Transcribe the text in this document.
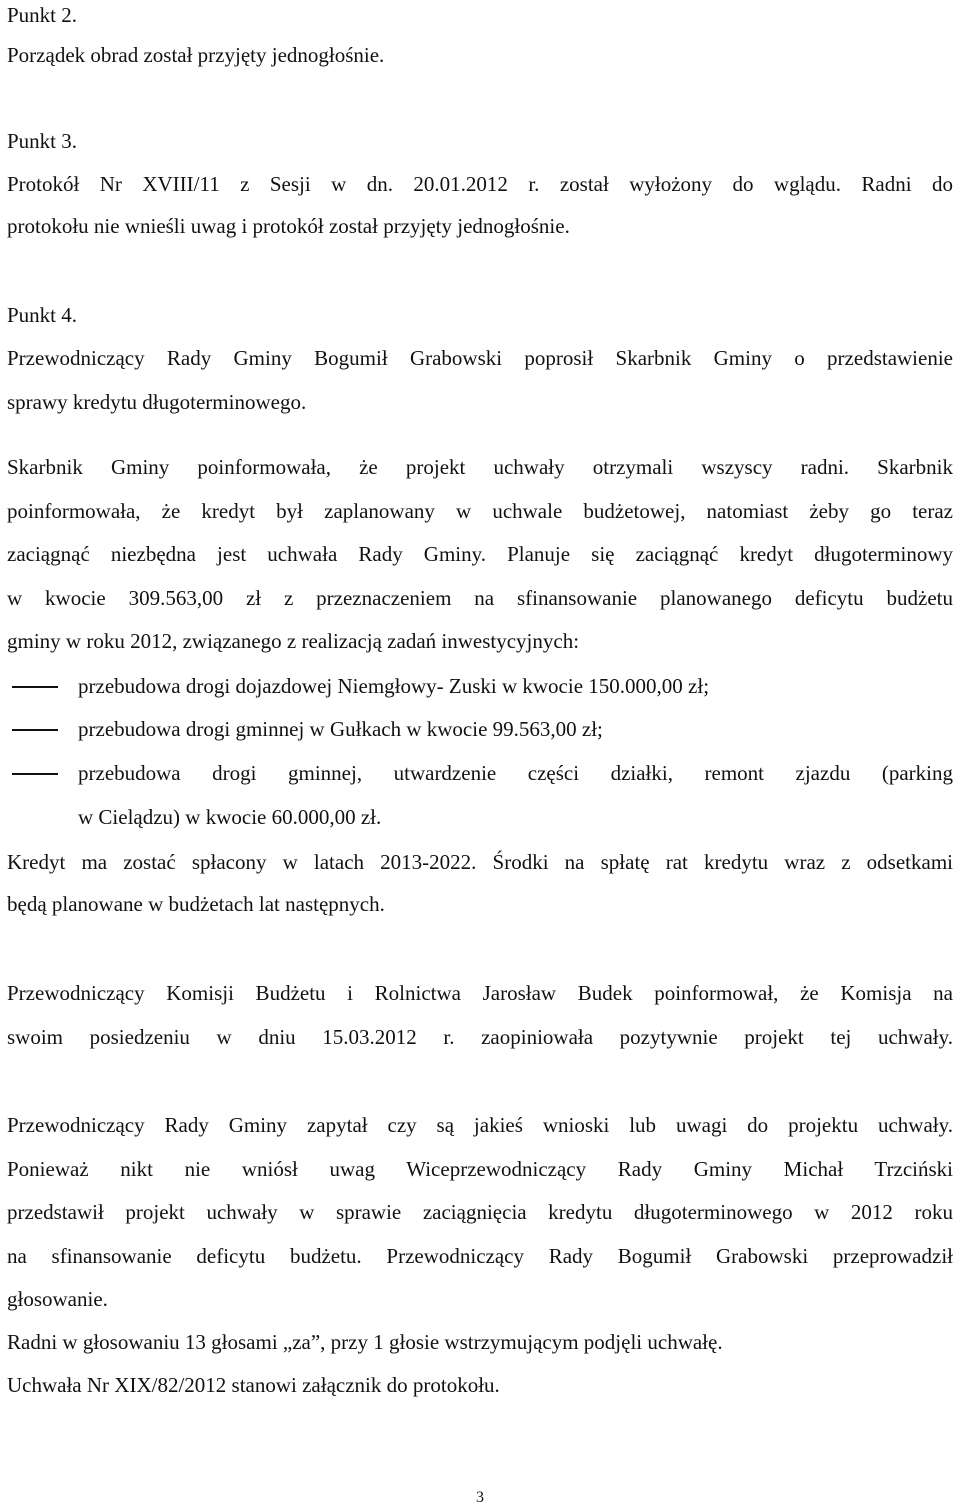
Punkt 2.

Porządek obrad został przyjęty jednogłośnie.

Punkt 3.

Protokół Nr XVIII/11 z Sesji w dn. 20.01.2012 r. został wyłożony do wglądu. Radni do

protokołu nie wnieśli uwag i protokół został przyjęty jednogłośnie.

Punkt 4.

Przewodniczący Rady Gminy Bogumił Grabowski poprosił Skarbnik Gminy o przedstawienie

sprawy kredytu długoterminowego.

Skarbnik Gminy poinformowała, że projekt uchwały otrzymali wszyscy radni. Skarbnik

poinformowała, że kredyt był zaplanowany w uchwale budżetowej, natomiast żeby go teraz

zaciągnąć niezbędna jest uchwała Rady Gminy. Planuje się zaciągnąć kredyt długoterminowy

w kwocie 309.563,00 zł z przeznaczeniem na sfinansowanie planowanego deficytu budżetu

gminy w roku 2012, związanego z realizacją zadań inwestycyjnych:

przebudowa drogi dojazdowej Niemgłowy- Zuski w kwocie 150.000,00 zł;

przebudowa drogi gminnej w Gułkach w kwocie 99.563,00 zł;

przebudowa drogi gminnej, utwardzenie części działki, remont zjazdu (parking

w Cielądzu) w kwocie 60.000,00 zł.

Kredyt ma zostać spłacony w latach 2013-2022. Środki na spłatę rat kredytu wraz z odsetkami

będą planowane w budżetach lat następnych.

Przewodniczący Komisji Budżetu i Rolnictwa Jarosław Budek poinformował, że Komisja na

swoim posiedzeniu w dniu 15.03.2012 r. zaopiniowała pozytywnie projekt tej uchwały.

Przewodniczący Rady Gminy zapytał czy są jakieś wnioski lub uwagi do projektu uchwały.

Ponieważ nikt nie wniósł uwag Wiceprzewodniczący Rady Gminy Michał Trzciński

przedstawił projekt uchwały w sprawie zaciągnięcia kredytu długoterminowego w 2012 roku

na sfinansowanie deficytu budżetu. Przewodniczący Rady Bogumił Grabowski przeprowadził

głosowanie.

Radni w głosowaniu 13 głosami „za”, przy 1 głosie wstrzymującym podjęli uchwałę.

Uchwała Nr XIX/82/2012 stanowi załącznik do protokołu.

3
